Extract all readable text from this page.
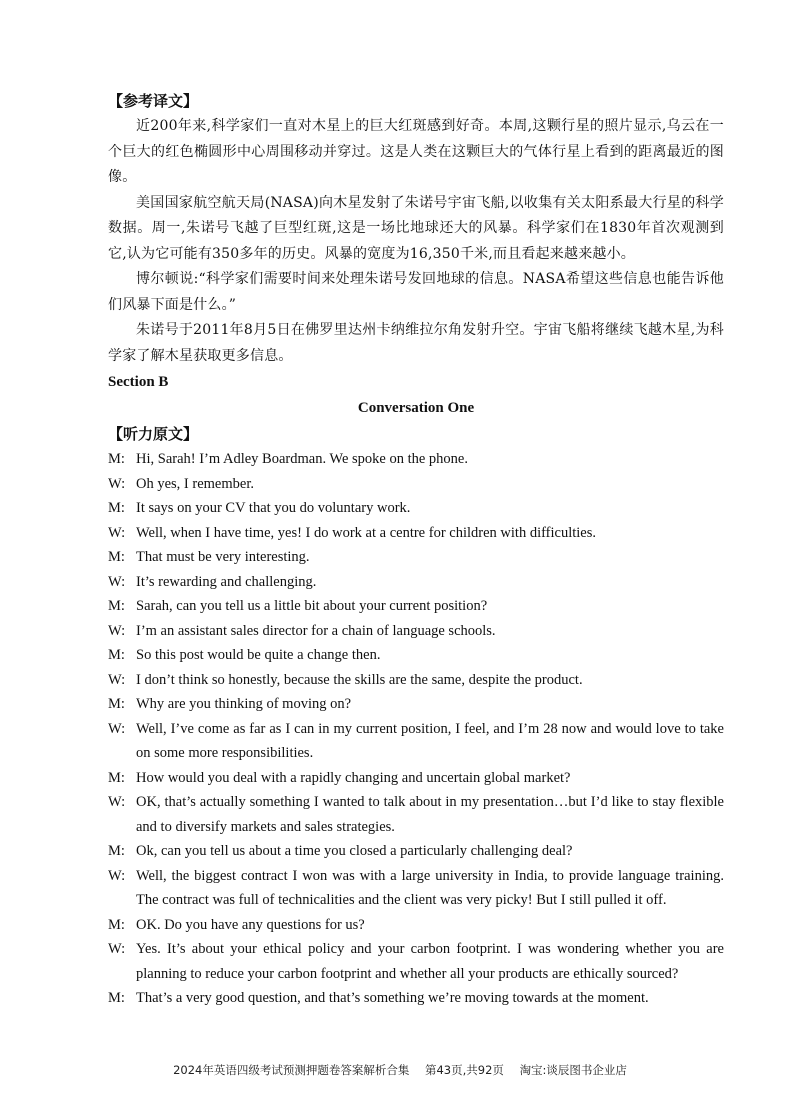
【参考译文】
近200年来,科学家们一直对木星上的巨大红斑感到好奇。本周,这颗行星的照片显示,乌云在一个巨大的红色椭圆形中心周围移动并穿过。这是人类在这颗巨大的气体行星上看到的距离最近的图像。
美国国家航空航天局(NASA)向木星发射了朱诺号宇宙飞船,以收集有关太阳系最大行星的科学数据。周一,朱诺号飞越了巨型红斑,这是一场比地球还大的风暴。科学家们在1830年首次观测到它,认为它可能有350多年的历史。风暴的宽度为16,350千米,而且看起来越来越小。
博尔顿说:“科学家们需要时间来处理朱诺号发回地球的信息。NASA希望这些信息也能告诉他们风暴下面是什么。”
朱诺号于2011年8月5日在佛罗里达州卡纳维拉尔角发射升空。宇宙飞船将继续飞越木星,为科学家了解木星获取更多信息。
Section B
Conversation One
【听力原文】
M: Hi, Sarah! I’m Adley Boardman. We spoke on the phone.
W: Oh yes, I remember.
M: It says on your CV that you do voluntary work.
W: Well, when I have time, yes! I do work at a centre for children with difficulties.
M: That must be very interesting.
W: It’s rewarding and challenging.
M: Sarah, can you tell us a little bit about your current position?
W: I’m an assistant sales director for a chain of language schools.
M: So this post would be quite a change then.
W: I don’t think so honestly, because the skills are the same, despite the product.
M: Why are you thinking of moving on?
W: Well, I’ve come as far as I can in my current position, I feel, and I’m 28 now and would love to take on some more responsibilities.
M: How would you deal with a rapidly changing and uncertain global market?
W: OK, that’s actually something I wanted to talk about in my presentation…but I’d like to stay flexible and to diversify markets and sales strategies.
M: Ok, can you tell us about a time you closed a particularly challenging deal?
W: Well, the biggest contract I won was with a large university in India, to provide language training. The contract was full of technicalities and the client was very picky! But I still pulled it off.
M: OK. Do you have any questions for us?
W: Yes. It’s about your ethical policy and your carbon footprint. I was wondering whether you are planning to reduce your carbon footprint and whether all your products are ethically sourced?
M: That’s a very good question, and that’s something we’re moving towards at the moment.
2024年英语四级考试预测押题卷答案解析合集 第43页,共92页 淘宝:谈辰图书企业店
